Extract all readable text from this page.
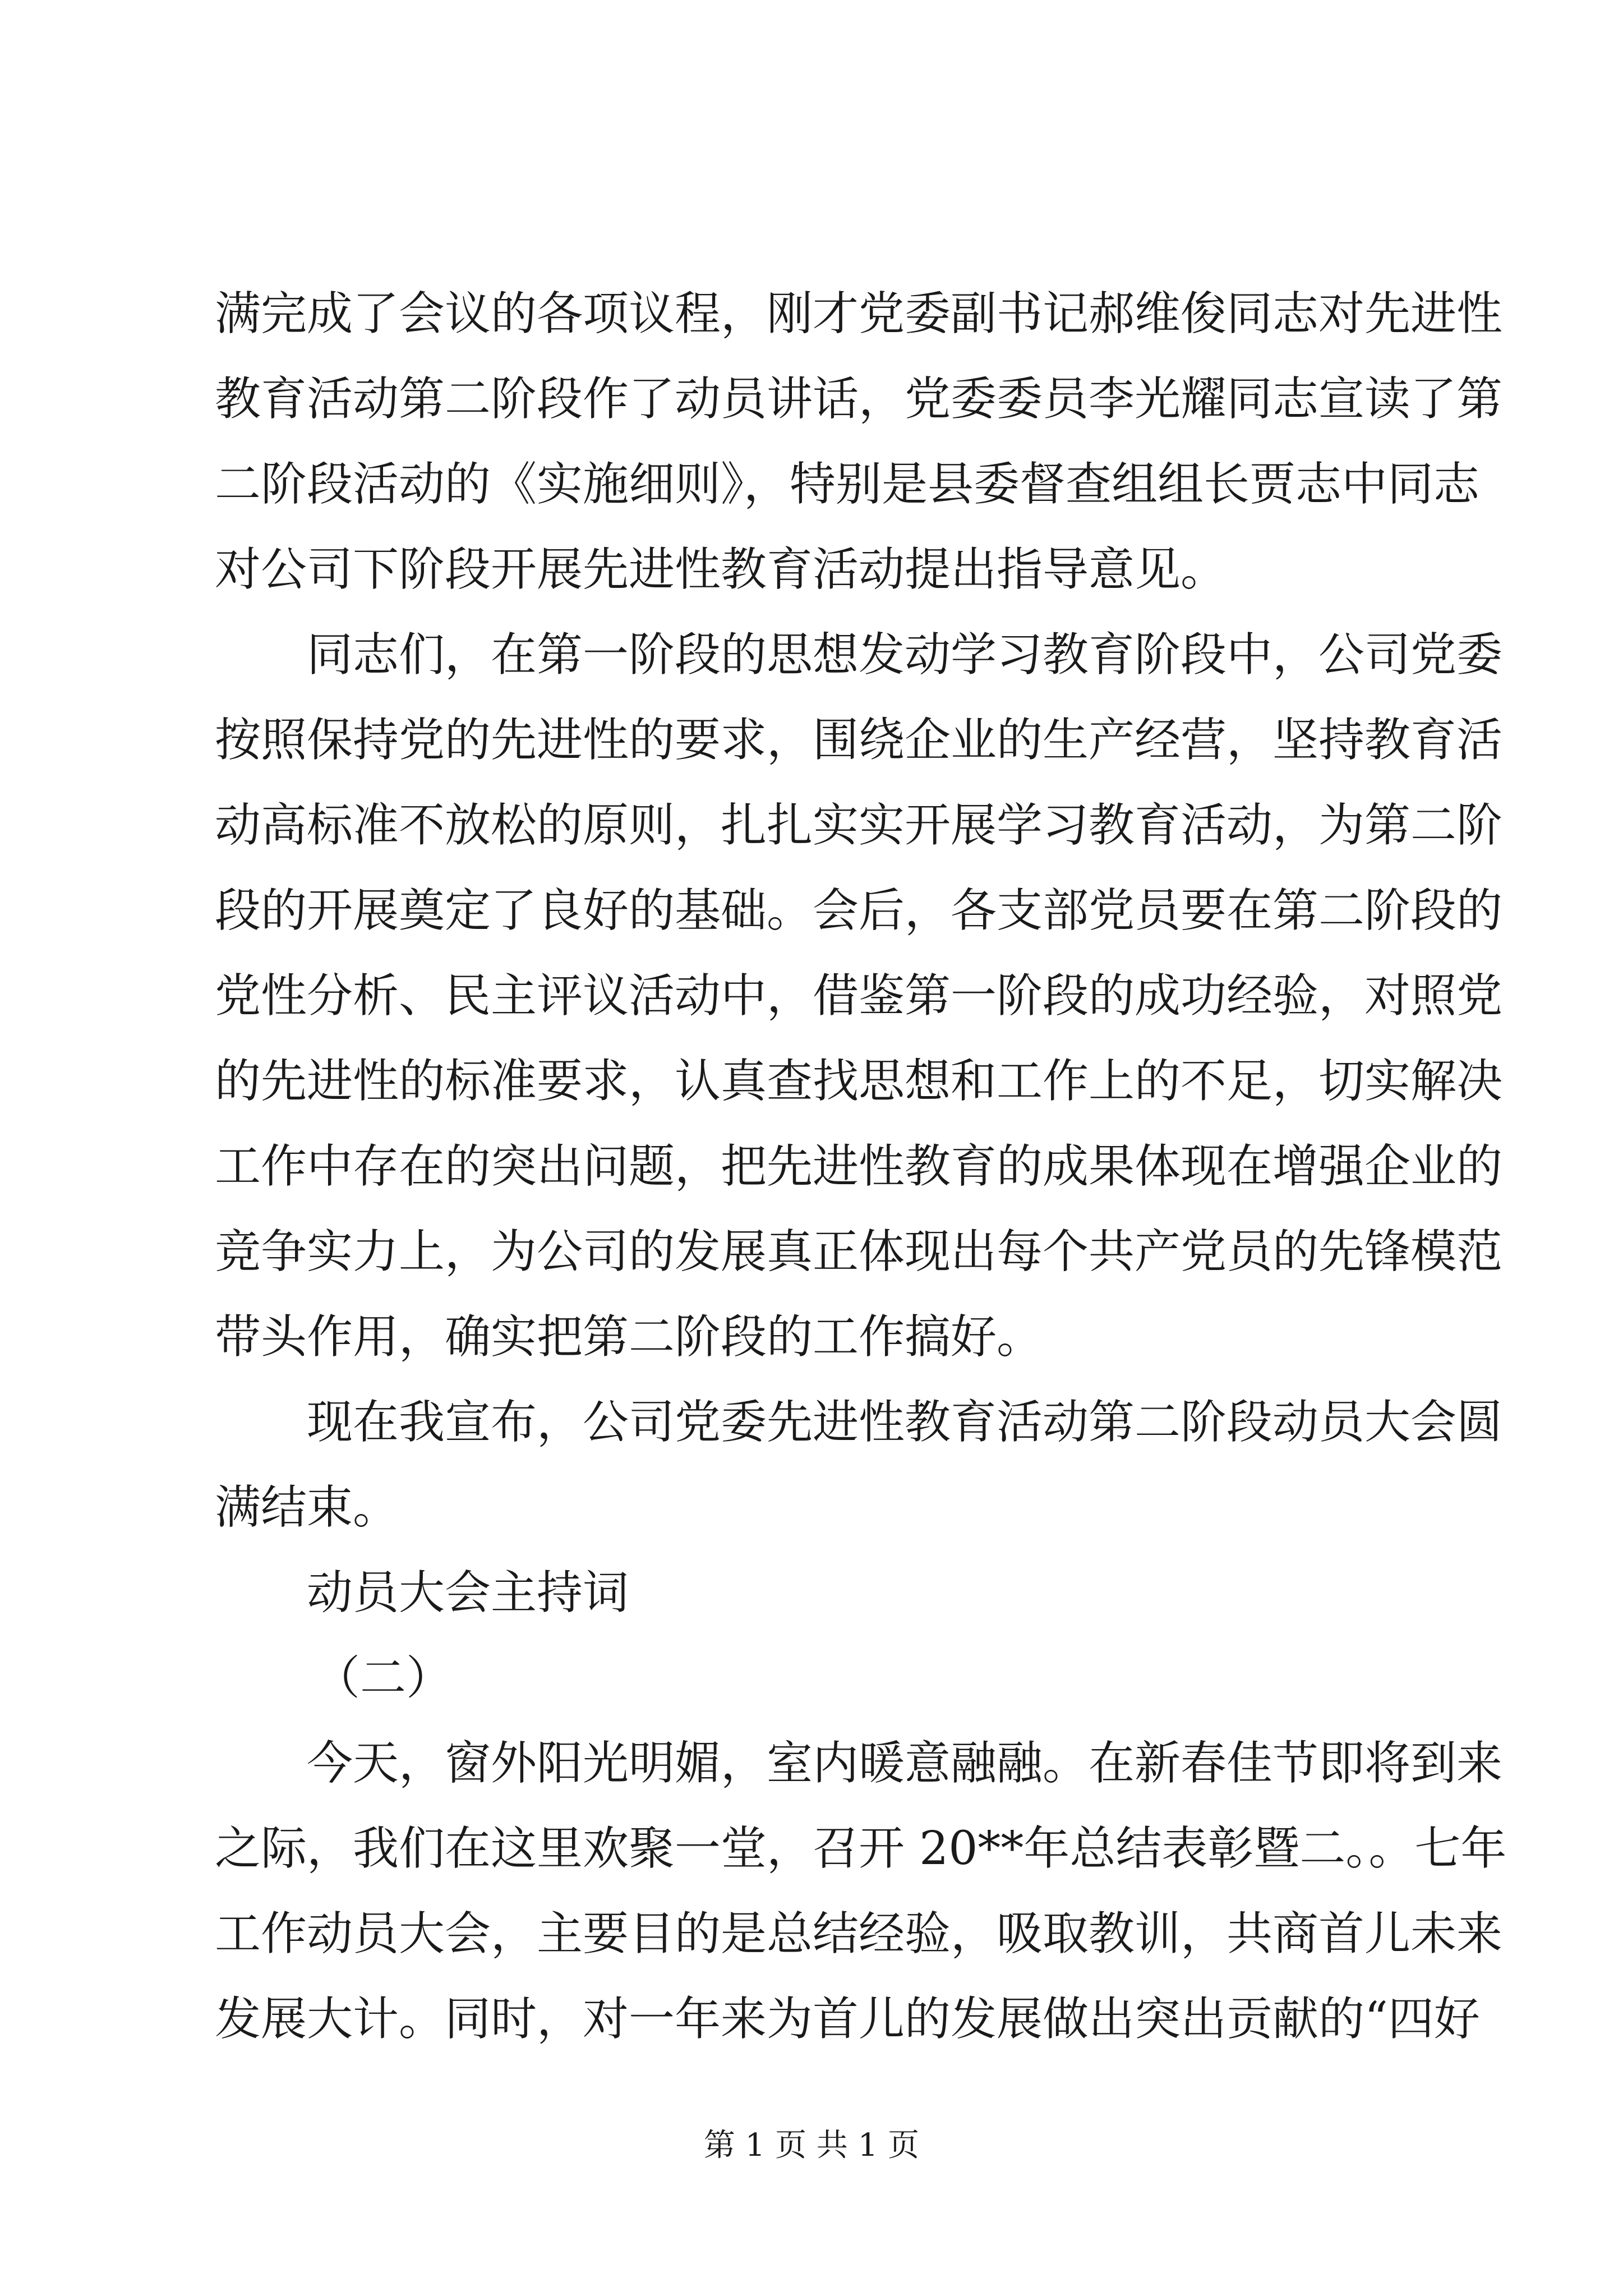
满完成了会议的各项议程，刚才党委副书记郝维俊同志对先进性

教育活动第二阶段作了动员讲话，党委委员李光耀同志宣读了第

二阶段活动的《实施细则》，特别是县委督查组组长贾志中同志

对公司下阶段开展先进性教育活动提出指导意见。

同志们，在第一阶段的思想发动学习教育阶段中，公司党委

按照保持党的先进性的要求，围绕企业的生产经营，坚持教育活

动高标准不放松的原则，扎扎实实开展学习教育活动，为第二阶

段的开展奠定了良好的基础。会后，各支部党员要在第二阶段的

党性分析、民主评议活动中，借鉴第一阶段的成功经验，对照党

的先进性的标准要求，认真查找思想和工作上的不足，切实解决

工作中存在的突出问题，把先进性教育的成果体现在增强企业的

竞争实力上，为公司的发展真正体现出每个共产党员的先锋模范

带头作用，确实把第二阶段的工作搞好。

现在我宣布，公司党委先进性教育活动第二阶段动员大会圆

满结束。

动员大会主持词

（二）

今天，窗外阳光明媚，室内暖意融融。在新春佳节即将到来

之际，我们在这里欢聚一堂，召开 20**年总结表彰暨二。。七年

工作动员大会，主要目的是总结经验，吸取教训，共商首儿未来

发展大计。同时，对一年来为首儿的发展做出突出贡献的“四好

第 1 页 共 1 页
